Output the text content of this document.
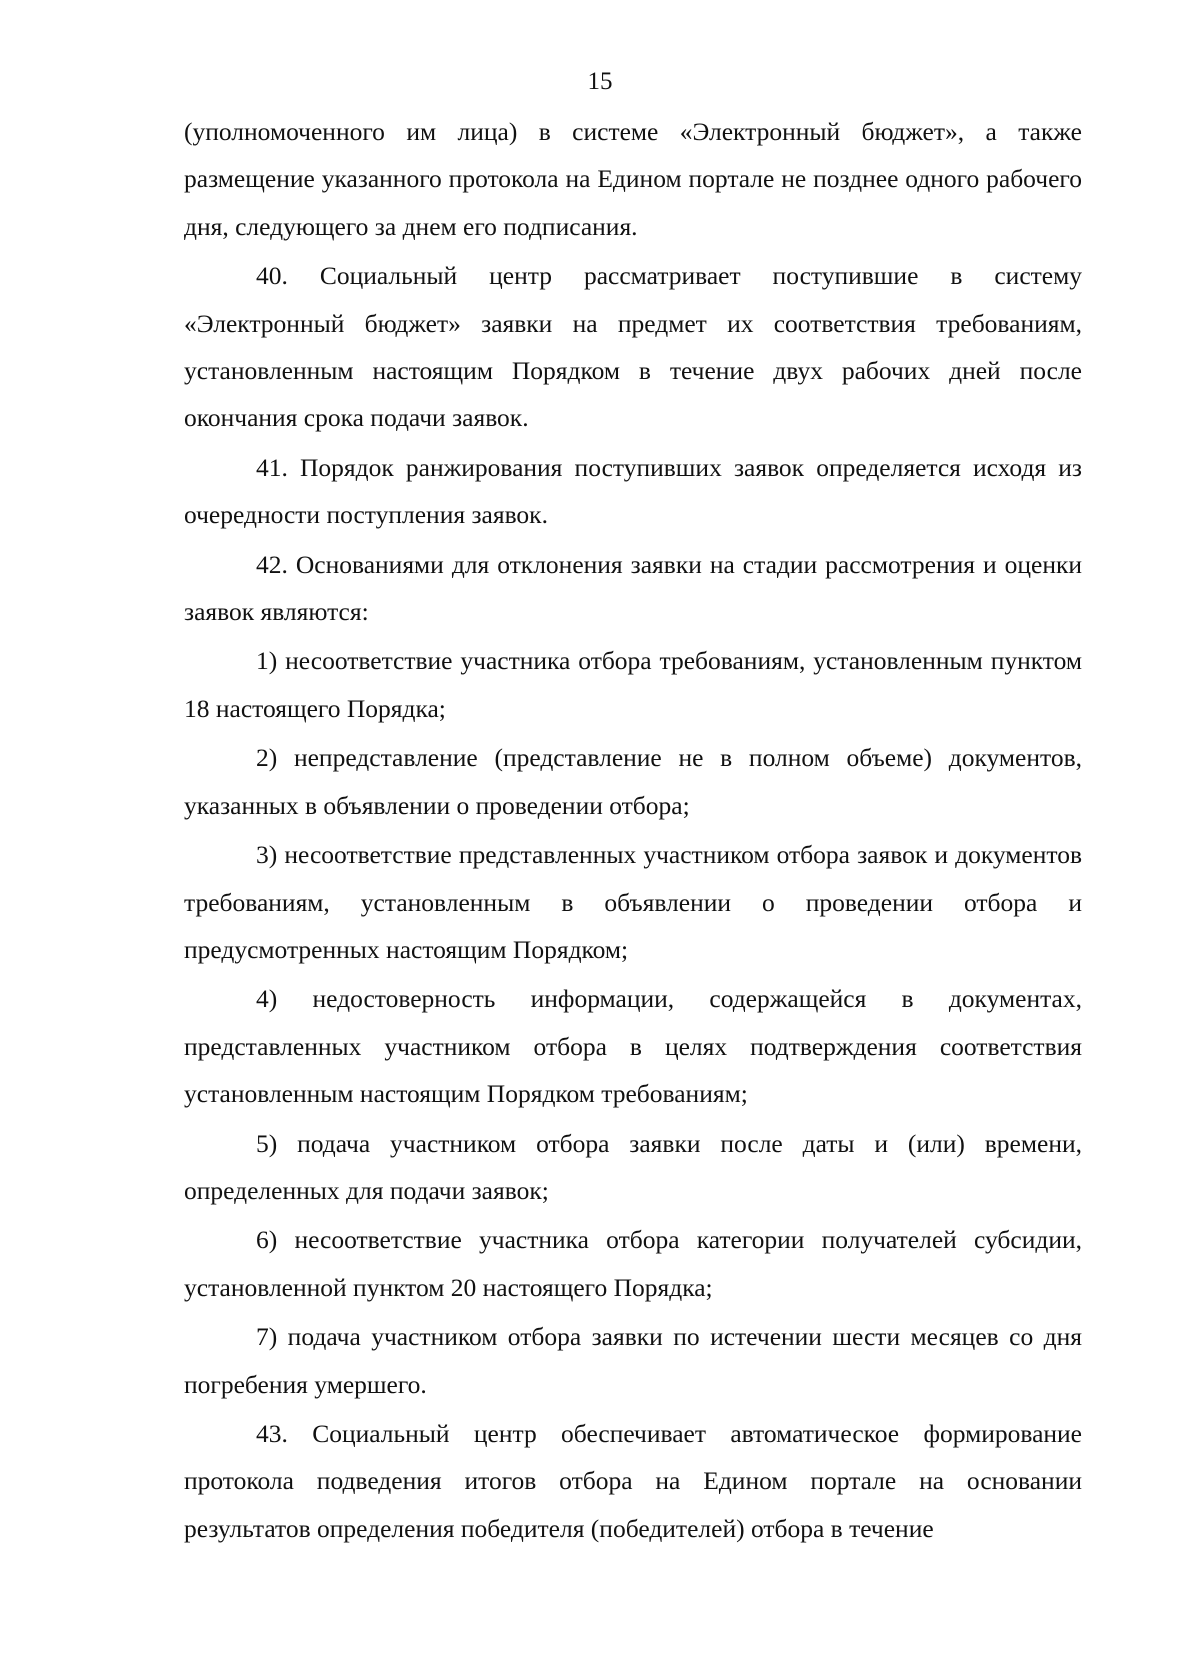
15

(уполномоченного им лица) в системе «Электронный бюджет», а также размещение указанного протокола на Едином портале не позднее одного рабочего дня, следующего за днем его подписания.

40. Социальный центр рассматривает поступившие в систему «Электронный бюджет» заявки на предмет их соответствия требованиям, установленным настоящим Порядком в течение двух рабочих дней после окончания срока подачи заявок.

41. Порядок ранжирования поступивших заявок определяется исходя из очередности поступления заявок.

42. Основаниями для отклонения заявки на стадии рассмотрения и оценки заявок являются:

1) несоответствие участника отбора требованиям, установленным пунктом 18 настоящего Порядка;

2) непредставление (представление не в полном объеме) документов, указанных в объявлении о проведении отбора;

3) несоответствие представленных участником отбора заявок и документов требованиям, установленным в объявлении о проведении отбора и предусмотренных настоящим Порядком;

4) недостоверность информации, содержащейся в документах, представленных участником отбора в целях подтверждения соответствия установленным настоящим Порядком требованиям;

5) подача участником отбора заявки после даты и (или) времени, определенных для подачи заявок;

6) несоответствие участника отбора категории получателей субсидии, установленной пунктом 20 настоящего Порядка;

7) подача участником отбора заявки по истечении шести месяцев со дня погребения умершего.

43. Социальный центр обеспечивает автоматическое формирование протокола подведения итогов отбора на Едином портале на основании результатов определения победителя (победителей) отбора в течение
